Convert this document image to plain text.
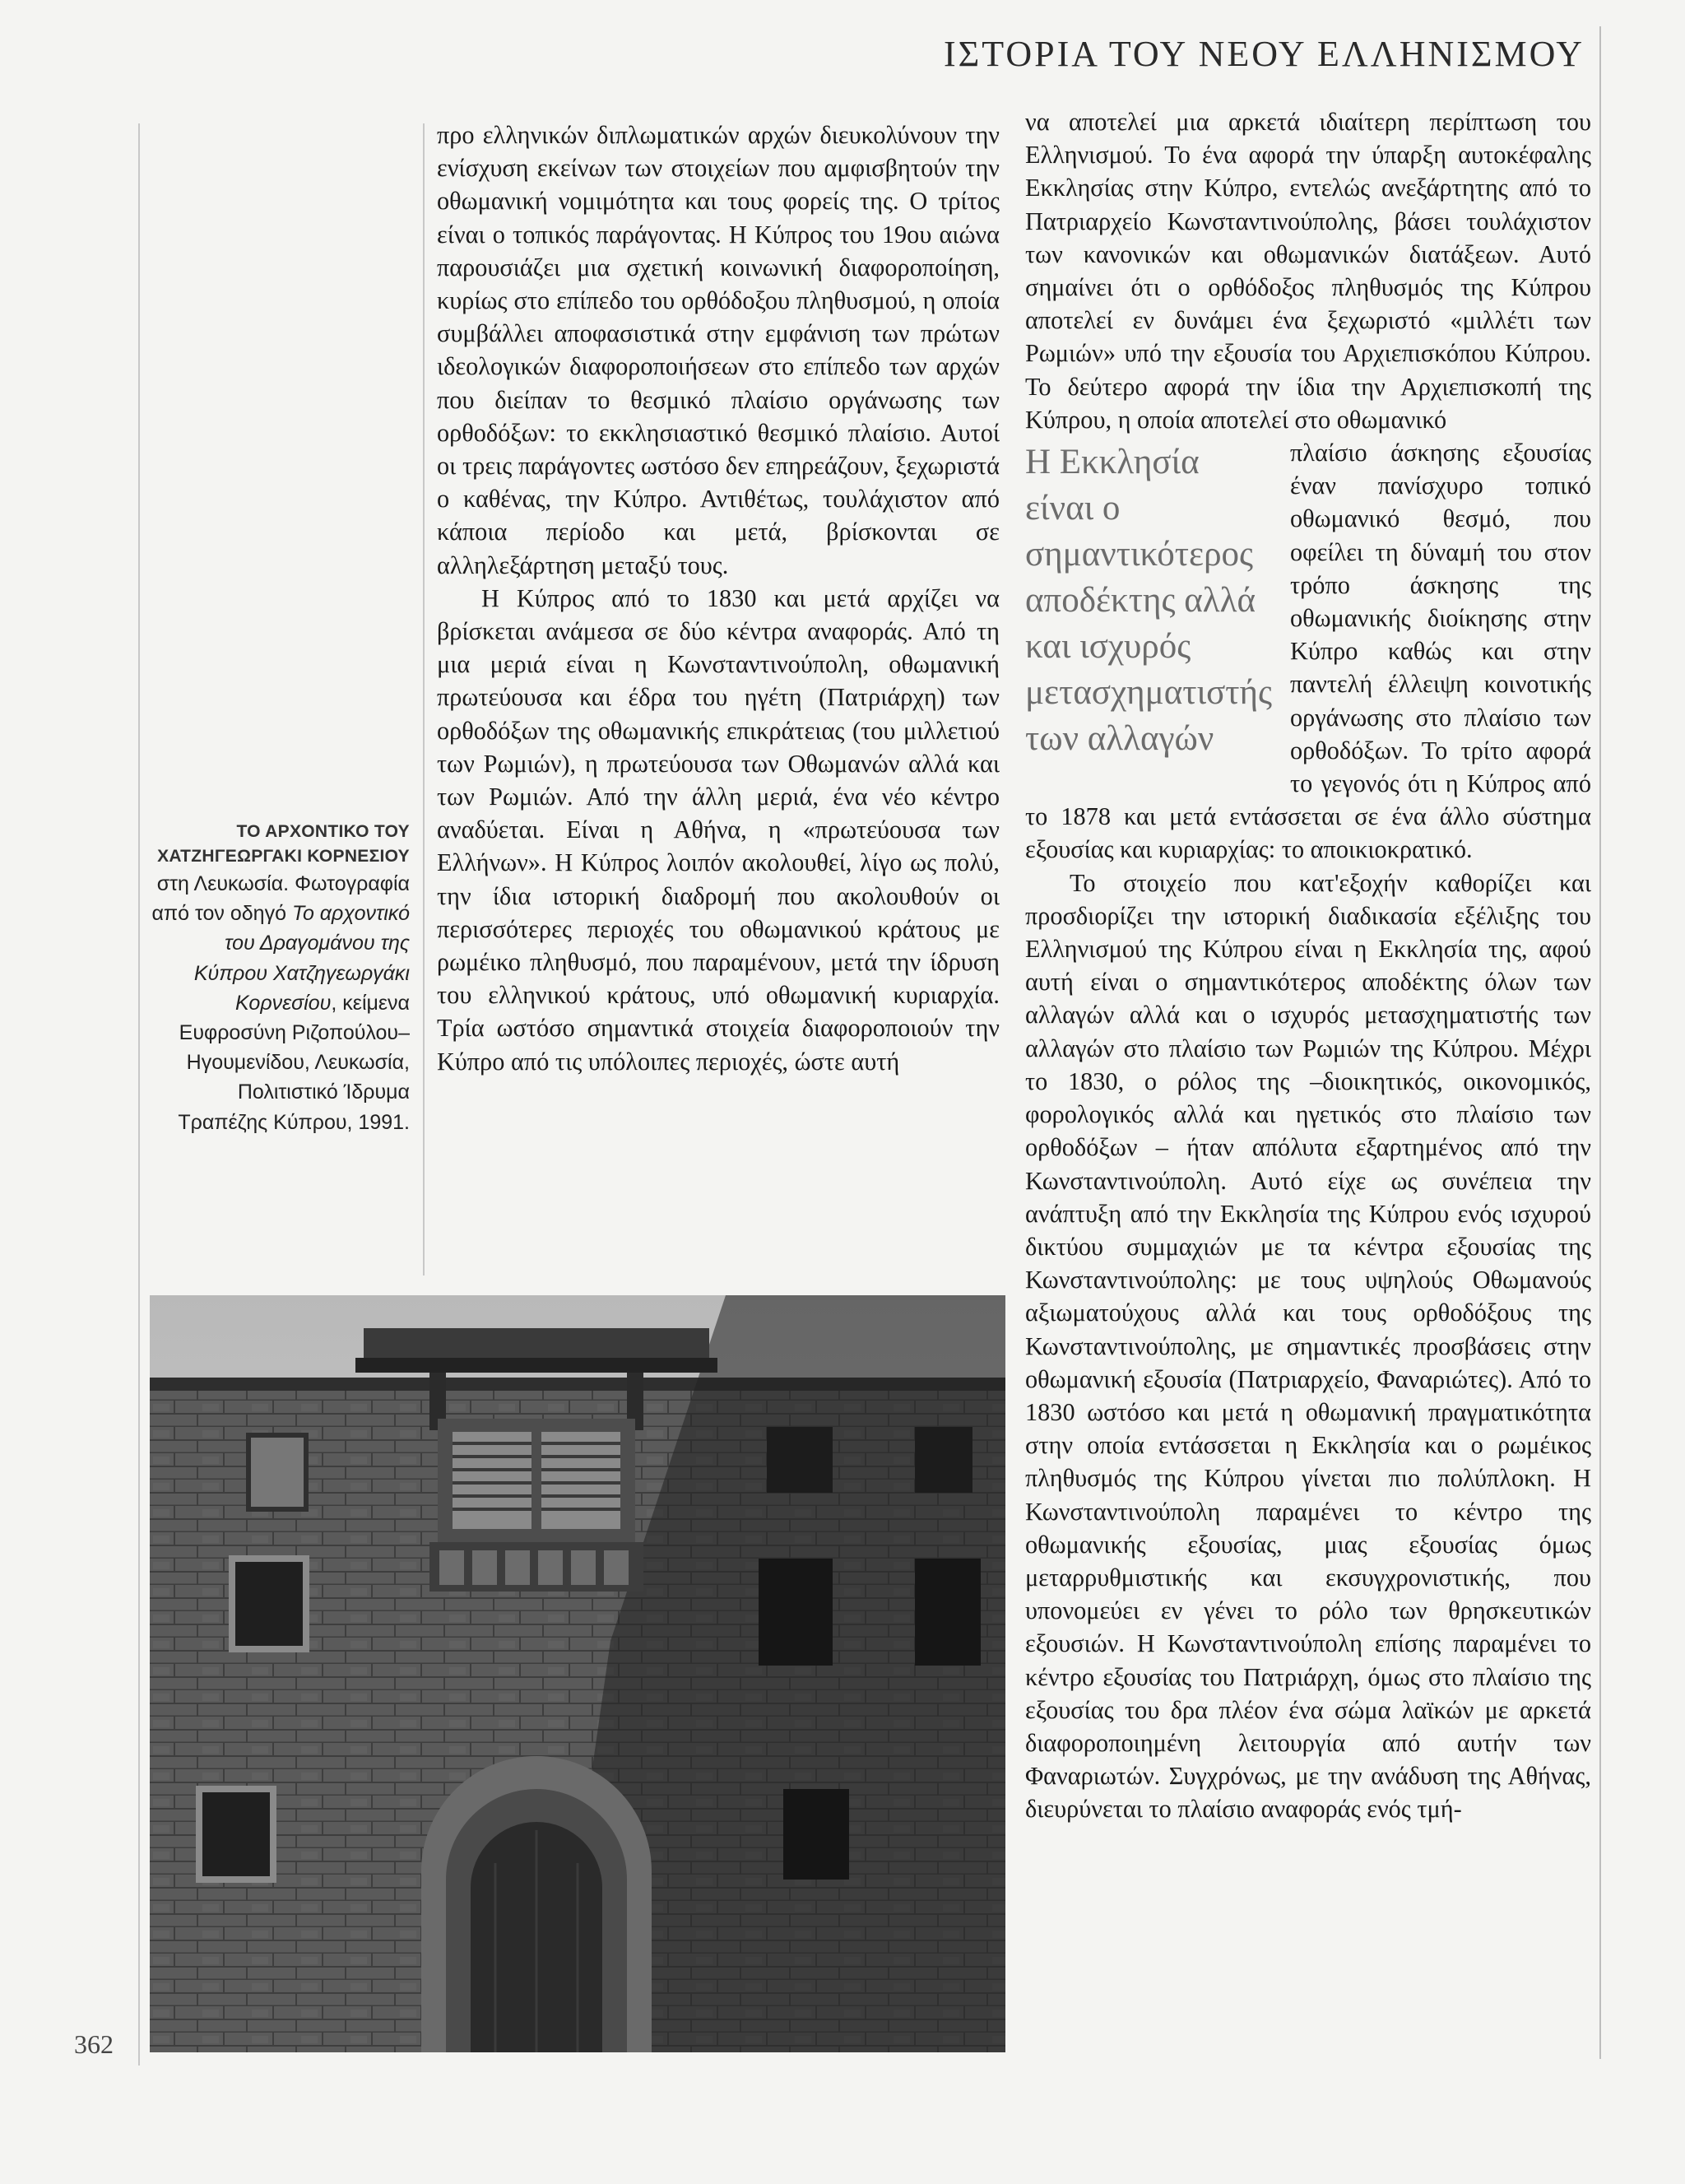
ΙΣΤΟΡΙΑ ΤΟΥ ΝΕΟΥ ΕΛΛΗΝΙΣΜΟΥ
ΤΟ ΑΡΧΟΝΤΙΚΟ ΤΟΥ
ΧΑΤΖΗΓΕΩΡΓΑΚΙ ΚΟΡΝΕΣΙΟΥ
στη Λευκωσία. Φωτογραφία από τον οδηγό Το αρχοντικό του Δραγομάνου της Κύπρου Χατζηγεωργάκι Κορνεσίου, κείμενα Ευφροσύνη Ριζοπούλου–Ηγουμενίδου, Λευκωσία, Πολιτιστικό Ίδρυμα Τραπέζης Κύπρου, 1991.

προ ελληνικών διπλωματικών αρχών διευκολύνουν την ενίσχυση εκείνων των στοιχείων που αμφισβητούν την οθωμανική νομιμότητα και τους φορείς της. Ο τρίτος είναι ο τοπικός παράγοντας. Η Κύπρος του 19ου αιώνα παρουσιάζει μια σχετική κοινωνική διαφοροποίηση, κυρίως στο επίπεδο του ορθόδοξου πληθυσμού, η οποία συμβάλλει αποφασιστικά στην εμφάνιση των πρώτων ιδεολογικών διαφοροποιήσεων στο επίπεδο των αρχών που διείπαν το θεσμικό πλαίσιο οργάνωσης των ορθοδόξων: το εκκλησιαστικό θεσμικό πλαίσιο. Αυτοί οι τρεις παράγοντες ωστόσο δεν επηρεάζουν, ξεχωριστά ο καθένας, την Κύπρο. Αντιθέτως, τουλάχιστον από κάποια περίοδο και μετά, βρίσκονται σε αλληλεξάρτηση μεταξύ τους.

Η Κύπρος από το 1830 και μετά αρχίζει να βρίσκεται ανάμεσα σε δύο κέντρα αναφοράς. Από τη μια μεριά είναι η Κωνσταντινούπολη, οθωμανική πρωτεύουσα και έδρα του ηγέτη (Πατριάρχη) των ορθοδόξων της οθωμανικής επικράτειας (του μιλλετιού των Ρωμιών), η πρωτεύουσα των Οθωμανών αλλά και των Ρωμιών. Από την άλλη μεριά, ένα νέο κέντρο αναδύεται. Είναι η Αθήνα, η «πρωτεύουσα των Ελλήνων». Η Κύπρος λοιπόν ακολουθεί, λίγο ως πολύ, την ίδια ιστορική διαδρομή που ακολουθούν οι περισσότερες περιοχές του οθωμανικού κράτους με ρωμέικο πληθυσμό, που παραμένουν, μετά την ίδρυση του ελληνικού κράτους, υπό οθωμανική κυριαρχία. Τρία ωστόσο σημαντικά στοιχεία διαφοροποιούν την Κύπρο από τις υπόλοιπες περιοχές, ώστε αυτή

να αποτελεί μια αρκετά ιδιαίτερη περίπτωση του Ελληνισμού. Το ένα αφορά την ύπαρξη αυτοκέφαλης Εκκλησίας στην Κύπρο, εντελώς ανεξάρτητης από το Πατριαρχείο Κωνσταντινούπολης, βάσει τουλάχιστον των κανονικών και οθωμανικών διατάξεων. Αυτό σημαίνει ότι ο ορθόδοξος πληθυσμός της Κύπρου αποτελεί εν δυνάμει ένα ξεχωριστό «μιλλέτι των Ρωμιών» υπό την εξουσία του Αρχιεπισκόπου Κύπρου. Το δεύτερο αφορά την ίδια την Αρχιεπισκοπή της Κύπρου, η οποία αποτελεί στο οθωμανικό

Η Εκκλησία είναι ο σημαντικότερος αποδέκτης αλλά και ισχυρός μετασχηματιστής των αλλαγών
πλαίσιο άσκησης εξουσίας έναν πανίσχυρο τοπικό οθωμανικό θεσμό, που οφείλει τη δύναμή του στον τρόπο άσκησης της οθωμανικής διοίκησης στην Κύπρο καθώς και στην παντελή έλλειψη κοινοτικής οργάνωσης στο πλαίσιο των ορθοδόξων. Το τρίτο αφορά το γεγονός ότι η Κύπρος από το 1878 και μετά εντάσσεται σε ένα άλλο σύστημα εξουσίας και κυριαρχίας: το αποικιοκρατικό.

Το στοιχείο που κατ'εξοχήν καθορίζει και προσδιορίζει την ιστορική διαδικασία εξέλιξης του Ελληνισμού της Κύπρου είναι η Εκκλησία της, αφού αυτή είναι ο σημαντικότερος αποδέκτης όλων των αλλαγών αλλά και ο ισχυρός μετασχηματιστής των αλλαγών στο πλαίσιο των Ρωμιών της Κύπρου. Μέχρι το 1830, ο ρόλος της –διοικητικός, οικονομικός, φορολογικός αλλά και ηγετικός στο πλαίσιο των ορθοδόξων – ήταν απόλυτα εξαρτημένος από την Κωνσταντινούπολη. Αυτό είχε ως συνέπεια την ανάπτυξη από την Εκκλησία της Κύπρου ενός ισχυρού δικτύου συμμαχιών με τα κέντρα εξουσίας της Κωνσταντινούπολης: με τους υψηλούς Οθωμανούς αξιωματούχους αλλά και τους ορθοδόξους της Κωνσταντινούπολης, με σημαντικές προσβάσεις στην οθωμανική εξουσία (Πατριαρχείο, Φαναριώτες). Από το 1830 ωστόσο και μετά η οθωμανική πραγματικότητα στην οποία εντάσσεται η Εκκλησία και ο ρωμέικος πληθυσμός της Κύπρου γίνεται πιο πολύπλοκη. Η Κωνσταντινούπολη παραμένει το κέντρο της οθωμανικής εξουσίας, μιας εξουσίας όμως μεταρρυθμιστικής και εκσυγχρονιστικής, που υπονομεύει εν γένει το ρόλο των θρησκευτικών εξουσιών. Η Κωνσταντινούπολη επίσης παραμένει το κέντρο εξουσίας του Πατριάρχη, όμως στο πλαίσιο της εξουσίας του δρα πλέον ένα σώμα λαϊκών με αρκετά διαφοροποιημένη λειτουργία από αυτήν των Φαναριωτών. Συγχρόνως, με την ανάδυση της Αθήνας, διευρύνεται το πλαίσιο αναφοράς ενός τμή-

362
